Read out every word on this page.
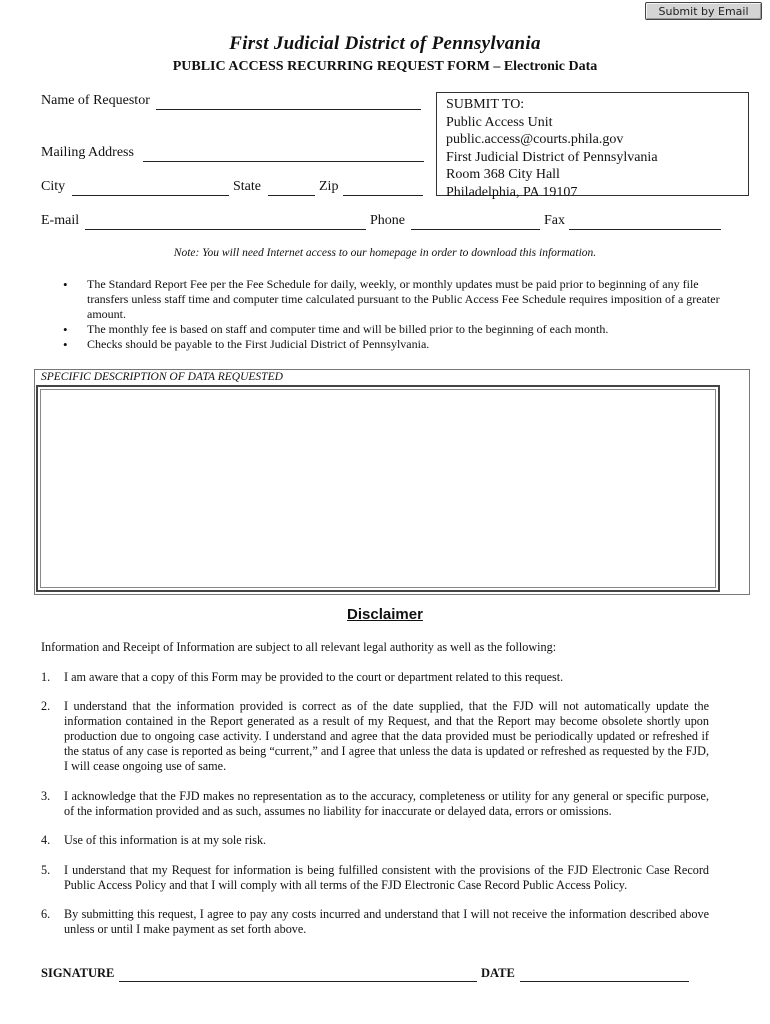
Submit by Email
First Judicial District of Pennsylvania
PUBLIC ACCESS RECURRING REQUEST FORM – Electronic Data
Name of Requestor
Mailing Address
City	State	Zip
E-mail	Phone	Fax
SUBMIT TO:
Public Access Unit
public.access@courts.phila.gov
First Judicial District of Pennsylvania
Room 368 City Hall
Philadelphia, PA 19107
Note: You will need Internet access to our homepage in order to download this information.
• The Standard Report Fee per the Fee Schedule for daily, weekly, or monthly updates must be paid prior to beginning of any file transfers unless staff time and computer time calculated pursuant to the Public Access Fee Schedule requires imposition of a greater amount.
• The monthly fee is based on staff and computer time and will be billed prior to the beginning of each month.
• Checks should be payable to the First Judicial District of Pennsylvania.
SPECIFIC DESCRIPTION OF DATA REQUESTED
Disclaimer
Information and Receipt of Information are subject to all relevant legal authority as well as the following:
1. I am aware that a copy of this Form may be provided to the court or department related to this request.
2. I understand that the information provided is correct as of the date supplied, that the FJD will not automatically update the information contained in the Report generated as a result of my Request, and that the Report may become obsolete shortly upon production due to ongoing case activity. I understand and agree that the data provided must be periodically updated or refreshed if the status of any case is reported as being “current,” and I agree that unless the data is updated or refreshed as requested by the FJD, I will cease ongoing use of same.
3. I acknowledge that the FJD makes no representation as to the accuracy, completeness or utility for any general or specific purpose, of the information provided and as such, assumes no liability for inaccurate or delayed data, errors or omissions.
4. Use of this information is at my sole risk.
5. I understand that my Request for information is being fulfilled consistent with the provisions of the FJD Electronic Case Record Public Access Policy and that I will comply with all terms of the FJD Electronic Case Record Public Access Policy.
6. By submitting this request, I agree to pay any costs incurred and understand that I will not receive the information described above unless or until I make payment as set forth above.
SIGNATURE	DATE
